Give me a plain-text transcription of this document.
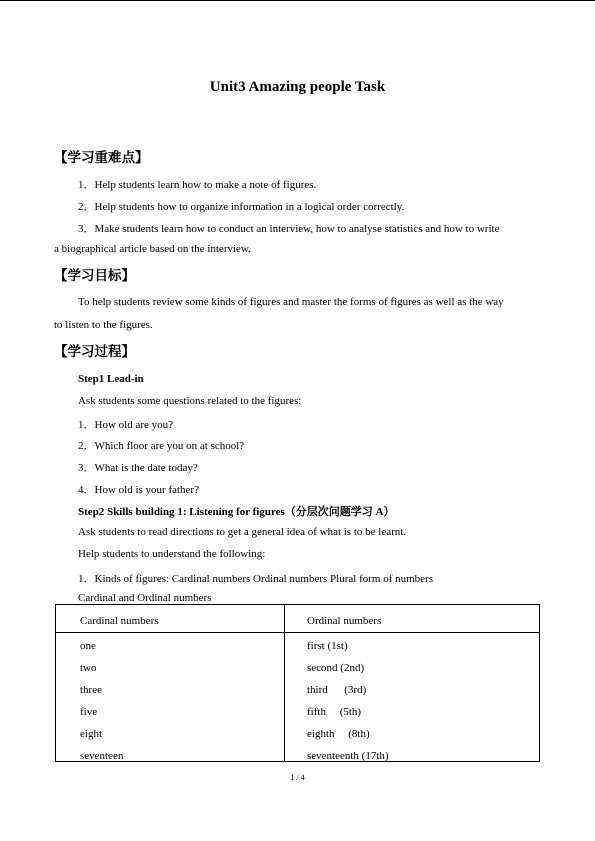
Unit3 Amazing people Task
【学习重难点】
1．Help students learn how to make a note of figures.
2．Help students how to organize information in a logical order correctly.
3．Make students learn how to conduct an interview, how to analyse statistics and how to write
a biographical article based on the interview.
【学习目标】
To help students review some kinds of figures and master the forms of figures as well as the way
to listen to the figures.
【学习过程】
Step1 Lead-in
Ask students some questions related to the figures:
1．How old are you?
2．Which floor are you on at school?
3．What is the date today?
4．How old is your father?
Step2 Skills building 1: Listening for figures（分层次问题学习 A）
Ask students to read directions to get a general idea of what is to be learnt.
Help students to understand the following:
1．Kinds of figures: Cardinal numbers Ordinal numbers Plural form of numbers
Cardinal and Ordinal numbers
Cardinal numbers	Ordinal numbers
one	first (1st)
two	second (2nd)
three	third      (3rd)
five	fifth     (5th)
eight	eighth     (8th)
seventeen	seventeenth (17th)
1 / 4
